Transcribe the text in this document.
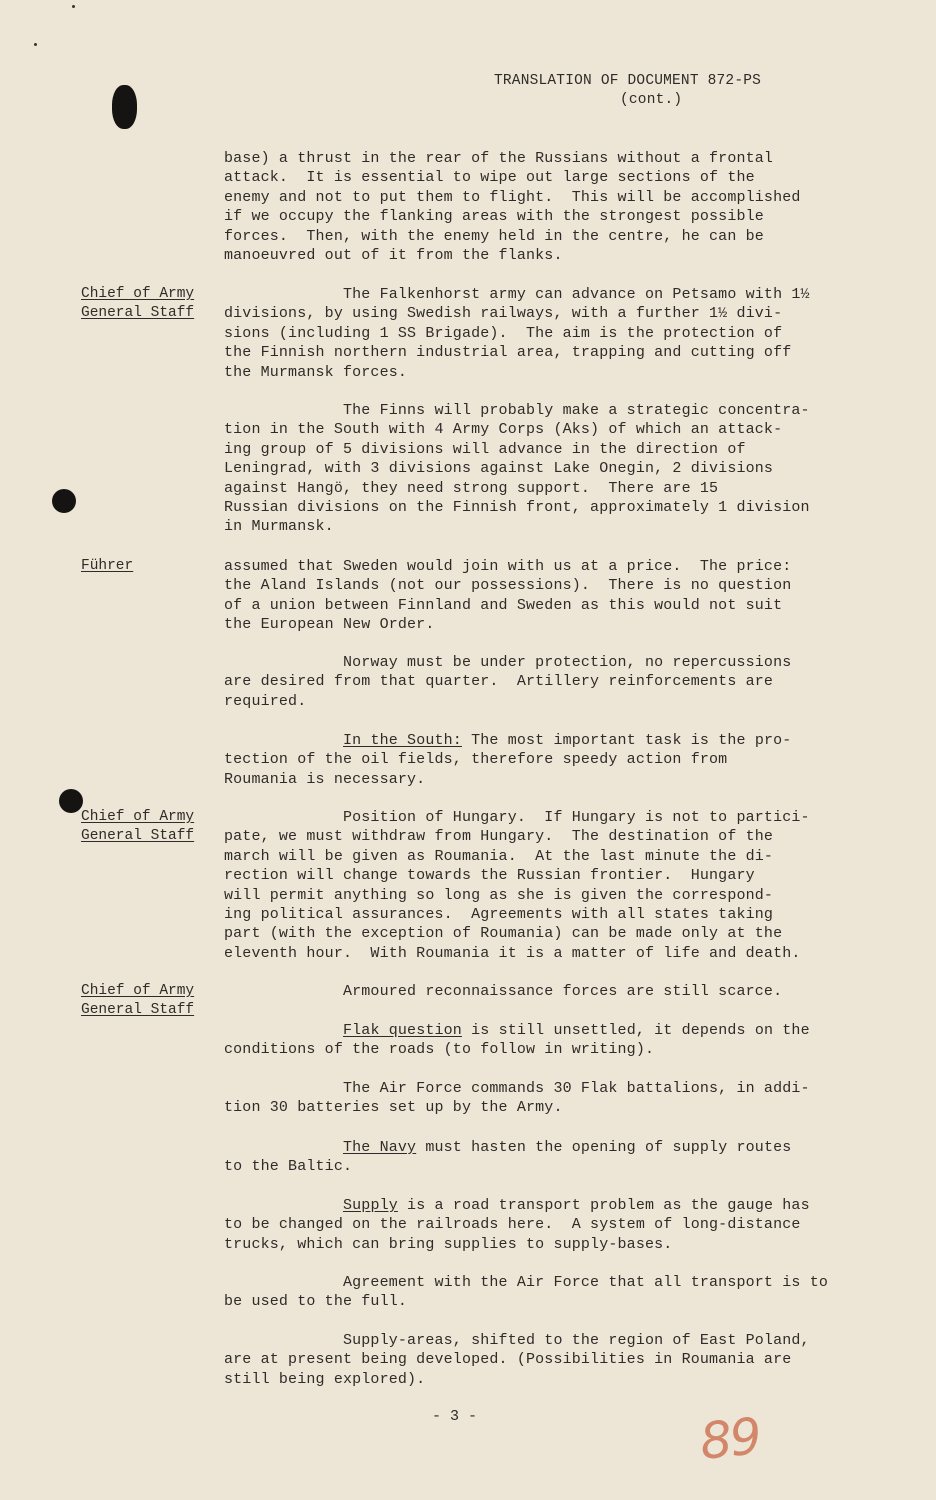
TRANSLATION OF DOCUMENT 872-PS
(cont.)
base) a thrust in the rear of the Russians without a frontal
attack.  It is essential to wipe out large sections of the
enemy and not to put them to flight.  This will be accomplished
if we occupy the flanking areas with the strongest possible
forces.  Then, with the enemy held in the centre, he can be
manoeuvred out of it from the flanks.
Chief of Army
General Staff
The Falkenhorst army can advance on Petsamo with 1½
divisions, by using Swedish railways, with a further 1½ divi-
sions (including 1 SS Brigade).  The aim is the protection of
the Finnish northern industrial area, trapping and cutting off
the Murmansk forces.
The Finns will probably make a strategic concentra-
tion in the South with 4 Army Corps (Aks) of which an attack-
ing group of 5 divisions will advance in the direction of
Leningrad, with 3 divisions against Lake Onegin, 2 divisions
against Hangö, they need strong support.  There are 15
Russian divisions on the Finnish front, approximately 1 division
in Murmansk.
Führer	assumed that Sweden would join with us at a price.  The price:
the Aland Islands (not our possessions).  There is no question
of a union between Finnland and Sweden as this would not suit
the European New Order.
Norway must be under protection, no repercussions
are desired from that quarter.  Artillery reinforcements are
required.
In the South: The most important task is the pro-
tection of the oil fields, therefore speedy action from
Roumania is necessary.
Chief of Army
General Staff
Position of Hungary.  If Hungary is not to partici-
pate, we must withdraw from Hungary.  The destination of the
march will be given as Roumania.  At the last minute the di-
rection will change towards the Russian frontier.  Hungary
will permit anything so long as she is given the correspond-
ing political assurances.  Agreements with all states taking
part (with the exception of Roumania) can be made only at the
eleventh hour.  With Roumania it is a matter of life and death.
Chief of Army
General Staff
Armoured reconnaissance forces are still scarce.
Flak question is still unsettled, it depends on the
conditions of the roads (to follow in writing).
The Air Force commands 30 Flak battalions, in addi-
tion 30 batteries set up by the Army.
The Navy must hasten the opening of supply routes
to the Baltic.
Supply is a road transport problem as the gauge has
to be changed on the railroads here.  A system of long-distance
trucks, which can bring supplies to supply-bases.
Agreement with the Air Force that all transport is to
be used to the full.
Supply-areas, shifted to the region of East Poland,
are at present being developed. (Possibilities in Roumania are
still being explored).
- 3 -	89
